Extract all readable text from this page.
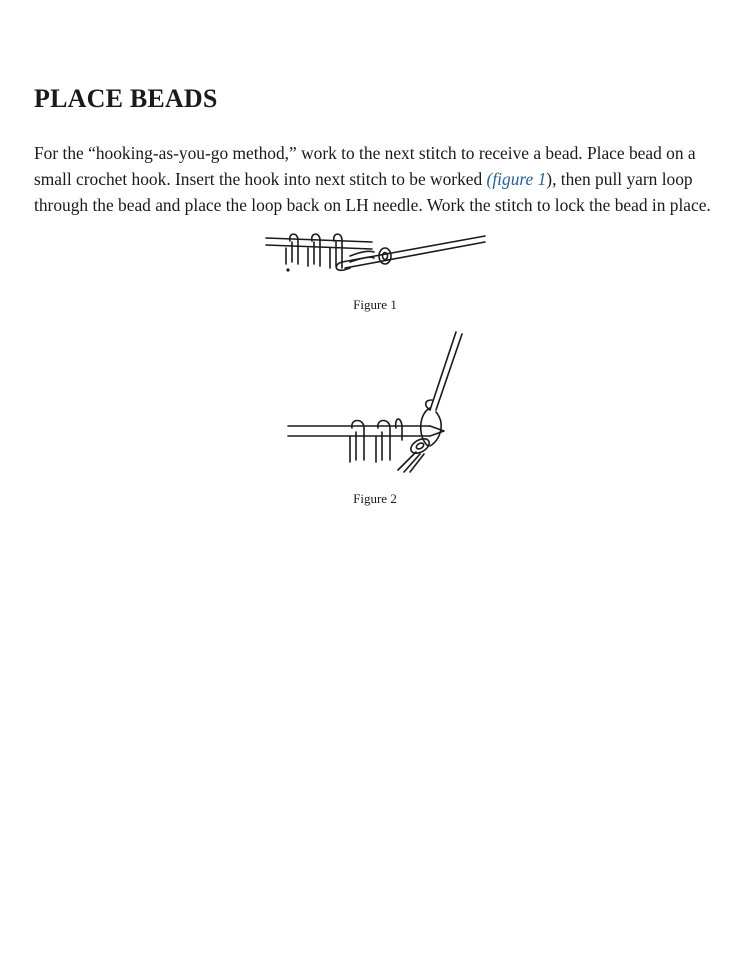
PLACE BEADS

For the “hooking-as-you-go method,” work to the next stitch to receive a bead. Place bead on a small crochet hook. Insert the hook into next stitch to be worked (figure 1), then pull yarn loop through the bead and place the loop back on LH needle. Work the stitch to lock the bead in place.

Figure 1
Figure 2
